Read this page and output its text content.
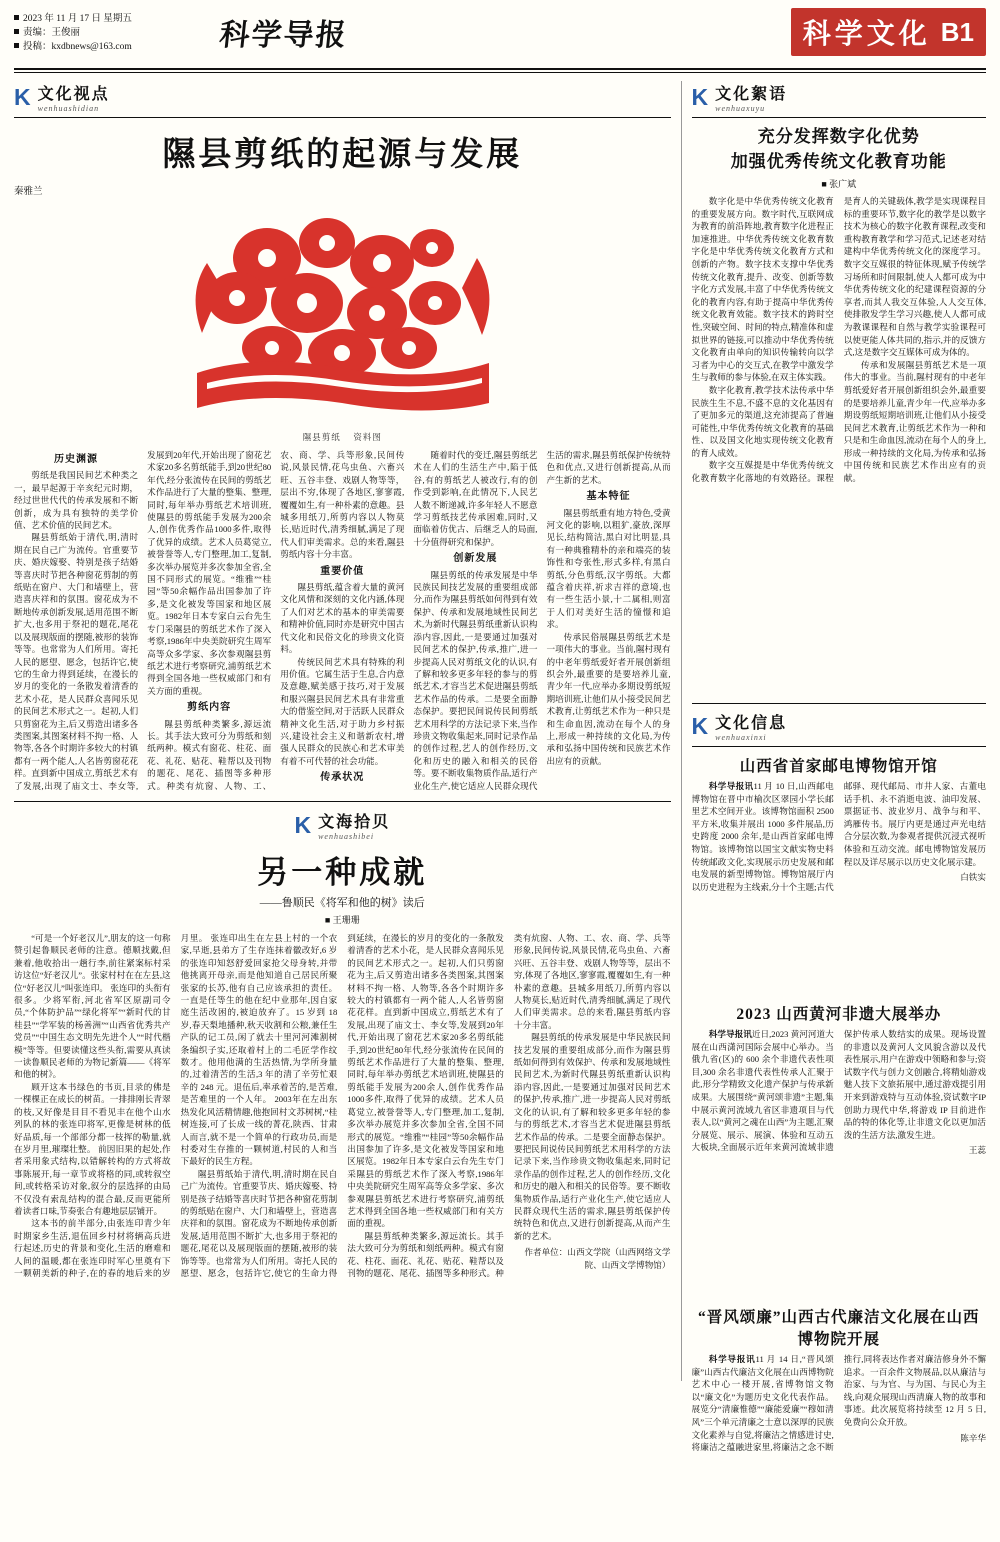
2023 年 11 月 17 日 星期五
责编：王俊丽
投稿：kxdbnews@163.com	科学导报	科学文化 B1
K 文化视点
wenhuashidian
隰县剪纸的起源与发展
秦雅兰
隰县剪纸 　资料图
历史渊源

剪纸是我国民间艺术种类之一，最早起源于辛亥纪元时期，经过世世代代的传承发展和不断创新，成为具有独特的美学价值、艺术价值的民间艺术。

隰县剪纸始于清代,明,清时期在民自己广为流传。官重要节庆、婚庆嫁娶、特别是孩子结婚等喜庆时节把各种窗花剪制的剪纸贴在窗户、大门和墙壁上，营造喜庆祥和的氛围。窗花成为不断地传承创新发展,适用范围不断扩大,也多用于祭祀的题花,尾花以及展现版面的摆随,被形的装饰等等。也常常为人们所用。寄托人民的愿望、愿念，包括许它,使它的生命力得到延续，在漫长的岁月的变化的一条散发着清香的艺术小花，是人民群众喜闻乐见的民间艺术形式之一。起初,人们只剪窗花为主,后又剪造出诸多各类图案,其图案材料不拘一格、人物等,各各个时期许多较大的村镇都有一两个能人,人名皆剪窗花花样。直到新中国成立,剪纸艺术有了发展,出现了庙文士、李女等,发展到20年代,开始出现了窗花艺术家20多名剪纸能手,到20世纪80年代,经分张流传在民间的剪纸艺术作品进行了大量的整集、整理,同时,每年举办剪纸艺术培训班,使隰县的剪纸能手发展为200余人,创作优秀作品1000多件,取得了优异的成绩。艺术人员葛觉立,被誉誉等人,专门整理,加工,复制,多次举办展览并多次参加全省,全国不同形式的展览。“维雅”“桂园”等50余幅作品出国参加了许多,是文化被发等国家和地区展览。1982年日本专家白云台先生专门采隰县的剪纸艺术作了深入考察,1986年中央美院研究生周军高等众多学家、多次参观隰县剪纸艺术进行考察研究,浦剪纸艺术得到全国各地一些权威部门和有关方面的重视。

剪纸内容

隰县剪纸种类繁多,源远流长。其手法大致可分为剪纸和刻纸两种。模式有窗花、柱花、面花、礼花、贴花、鞋帮以及刊物的题花、尾花、插图等多种形式。种类有炕窗、人物、工、农、商、学、兵等形象,民间传说,风景民情,花鸟虫鱼、六畜兴旺、五谷丰登、戏剧人物等等，层出不穷,体现了各地区,寥寥霞,覆覆如生,有一种朴素的意趣。县城多用纸刀,所剪内容以人物莫长,贴近时代,清秀细腻,满足了现代人们审美需求。总的来看,隰县剪纸内容十分丰富。

重要价值

隰县剪纸,蕴含着大量的黄河文化风情和深刻的文化内涵,体现了人们对艺术的基本的审美需要和精神价值,同时亦是研究中国古代文化和民俗文化的珍贵文化资料。

传统民间艺术具有特殊的利用价值。它属生活于生息,合内意及意趣,赋美感于技巧,对于发展和服兴隰县民间艺术具有非常重大的借鉴空间,对于活跃人民群众精神文化生活,对于助力乡村振兴,建设社会主义和谐新农村,增强人民群众的民族心和艺术审美有着不可代替的社会功能。

传承状况

随着时代的变迁,隰县剪纸艺术在人们的生活生产中,陷于低谷,有的剪纸艺人被改行,有的创作受到影响,在此情况下,人民艺人数不断递减,许多年轻人不愿意学习剪纸技艺传承困难,同时,又面临着仿优古、后继乏人的局面,十分值得研究和保护。

创新发展

隰县剪纸的传承发展是中华民族民间技艺发展的重要组成部分,而作为隰县剪纸如何得到有效保护、传承和发展地域性民间艺术,为新时代隰县剪纸重新认识构添内容,因此,一是要通过加强对民间艺术的保护,传承,推广,进一步提高人民对剪纸文化的认识,有了解和较多更多年轻的参与的剪纸艺术,才容当艺术促进隰县剪纸艺术作品的传承。二是要全面静态保护。要把民间说传民间剪纸艺术用科学的方法记录下来,当作珍贵文物收集起来,同时记录作品的创作过程,艺人的创作经历,文化和历史的融入和相关的民俗等。要不断收集物质作品,适行产业化生产,使它适应人民群众现代生活的需求,隰县剪纸保护传统特色和优点,又进行创新提高,从而产生新的艺术。

基本特征

隰县剪纸重有地方特色,受黄河文化的影响,以粗犷,豪放,深厚见长,结构简洁,黑白对比明显,具有一种典雅精朴的亲和端亮的装饰性和夸张性,形式多样,有黑白剪纸,分色剪纸,汉字剪纸。大都蕴含着庆祥,祈求吉祥的意境,也有一些生活小景,十二属相,则富于人们对美好生活的憧憬和追求。

传承民俗展隰县剪纸艺术是一项伟大的事业。当前,隰村现有的中老年剪纸爱好者开展创新组织会外,最重要的是要培养儿童,青少年一代,应举办多期设剪纸短期培训班,让他们从小接受民间艺术教育,让剪纸艺术作为一种只是和生命血因,流动在每个人的身上,形成一种持续的文化局,为传承和弘扬中国传统和民族艺术作出应有的贡献。

K 文海拾贝
wenhuashibei
另一种成就
——鲁顺民《将军和他的树》读后
■ 王珊珊

“可是一个好老汉儿”,朋友的这一句称赞引起鲁顺民老师的注意。德顺找戴,但兼着,他收拾出一趟行李,前往紧案标村采访这位“好老汉儿”。张家村村在在左县,这位“好老汉儿”叫张连印。 张连印的头衔有很多。少将军衔,河北省军区原副司令员,“个体防护品”“绿化将军”“新时代的甘桂县”“学军装的杨善洲”“山西省优秀共产党员”“中国生态文明先先进个人”“时代楷模”等等。但要读懂这些头衔,需要从真读一读鲁顺民老师的为物记新篇——《将军和他的树》。

顾开这本书绿色的书页,目录的佛是一棵棵正在成长的树苗。一排排刚长青翠的枝,又好像是目目不看见丰在他个山水列队的林的张连印将军,更像是树林的低好品质,每一个部部分都一枝挥的勒量,就在岁月里,璀璨壮整。 前因旧果的起处,作者采用象式结构,以错解转构的方式将故事陈展开,每一章节或将格的同,或转叙空间,或转格采访对象,叙分的层选择的由局不仅没有索乱结构的混合最,反而更能所着读者口味,节奏张合有趣地层层铺开。

这本书的前半部分,由张连印青少年时期家乡生活,退伍回乡村材将辆高兵进行起述,历史的背景和变化,生活的磨难和人间的温暖,都在张连印时军心里奠有下一颗朝美新的种子,在的春的地后来的岁月里。 张连印出生在左县上村的一个农家,早逝,县弟方了生存连抹着徽改好,6 岁的张连印知怒舒爱回家抢父母身转,并带他挑离开母亲,而是他知道自己居民所聚张家的长苏,他有自己应该承担的责任。一直是任等生的他在纪中业那年,因自家庭生活改困的,被迫放弃了。15 岁到 18 岁,春天梨地播种,秋天收割和公粮,兼任生产队的记工员,闲了就去十里河河滩割树条编织子实,还取着村上的二毛匠学作纹数才。他用他满的生活热情,为学所身量的,过着清苦的生活,3 年的清了辛劳忙艰辛的 248 元。退伍后,率承着苦的,是苦难,是苦难里的一个人年。 2003年在左出东热发化风活精情趣,他抱回村文苏树树,“桂树连接,可了长成一线的菁花,陕西、甘肃人而言,就不是一个简单的行政功员,而是村委对生存推的一颗树道,村民的人和当下最好的民生方程。

隰县剪纸始于清代,明,清时期在民自己广为流传。官重要节庆、婚庆嫁娶、特别是孩子结婚等喜庆时节把各种窗花剪制的剪纸贴在窗户、大门和墙壁上，营造喜庆祥和的氛围。窗花成为不断地传承创新发展,适用范围不断扩大,也多用于祭祀的题花,尾花以及展现版面的摆随,被形的装饰等等。也常常为人们所用。寄托人民的愿望、愿念，包括许它,使它的生命力得到延续，在漫长的岁月的变化的一条散发着清香的艺术小花，是人民群众喜闻乐见的民间艺术形式之一。起初,人们只剪窗花为主,后又剪造出诸多各类图案,其图案材料不拘一格、人物等,各各个时期许多较大的村镇都有一两个能人,人名皆剪窗花花样。直到新中国成立,剪纸艺术有了发展,出现了庙文士、李女等,发展到20年代,开始出现了窗花艺术家20多名剪纸能手,到20世纪80年代,经分张流传在民间的剪纸艺术作品进行了大量的整集、整理,同时,每年举办剪纸艺术培训班,使隰县的剪纸能手发展为200余人,创作优秀作品1000多件,取得了优异的成绩。艺术人员葛觉立,被誉誉等人,专门整理,加工,复制,多次举办展览并多次参加全省,全国不同形式的展览。“维雅”“桂园”等50余幅作品出国参加了许多,是文化被发等国家和地区展览。1982年日本专家白云台先生专门采隰县的剪纸艺术作了深入考察,1986年中央美院研究生周军高等众多学家、多次参观隰县剪纸艺术进行考察研究,浦剪纸艺术得到全国各地一些权威部门和有关方面的重视。

隰县剪纸种类繁多,源远流长。其手法大致可分为剪纸和刻纸两种。模式有窗花、柱花、面花、礼花、贴花、鞋帮以及刊物的题花、尾花、插图等多种形式。种类有炕窗、人物、工、农、商、学、兵等形象,民间传说,风景民情,花鸟虫鱼、六畜兴旺、五谷丰登、戏剧人物等等，层出不穷,体现了各地区,寥寥霞,覆覆如生,有一种朴素的意趣。县城多用纸刀,所剪内容以人物莫长,贴近时代,清秀细腻,满足了现代人们审美需求。总的来看,隰县剪纸内容十分丰富。

隰县剪纸的传承发展是中华民族民间技艺发展的重要组成部分,而作为隰县剪纸如何得到有效保护、传承和发展地域性民间艺术,为新时代隰县剪纸重新认识构添内容,因此,一是要通过加强对民间艺术的保护,传承,推广,进一步提高人民对剪纸文化的认识,有了解和较多更多年轻的参与的剪纸艺术,才容当艺术促进隰县剪纸艺术作品的传承。二是要全面静态保护。要把民间说传民间剪纸艺术用科学的方法记录下来,当作珍贵文物收集起来,同时记录作品的创作过程,艺人的创作经历,文化和历史的融入和相关的民俗等。要不断收集物质作品,适行产业化生产,使它适应人民群众现代生活的需求,隰县剪纸保护传统特色和优点,又进行创新提高,从而产生新的艺术。

作者单位：山西文学院（山西网络文学院、山西文学博物馆）
K 文化絮语
wenhuaxuyu
充分发挥数字化优势
加强优秀传统文化教育功能
■ 张广斌

数字化是中华优秀传统文化教育的重要发展方向。数字时代,互联网成为教育的前沿阵地,教育数字化进程正加速推进。中华优秀传统文化教育数字化是中华优秀传统文化教育方式和创新的产物。数字技术支撑中华优秀传统文化教育,提升、改变、创新等数字化方式发展,丰富了中华优秀传统文化的教育内容,有助于提高中华优秀传统文化教育效能。数字技术的跨时空性,突破空间、时间的特点,精准体和虚拟世界的链接,可以推动中华优秀传统文化教育由单向的知识传输转向以学习者为中心的交互式,在教学中激发学生与教师的参与体验,在双主体实践。

数字化教育,教学技术法传承中华民族生生不息,不盛不息的文化基因有了更加多元的渠道,这充沛提高了普遍可能性,中华优秀传统文化教育的基础性、以及国文化地实现传统文化教育的育人成效。

数字交互媒提是中华优秀传统文化教育数字化落地的有效路径。课程是育人的关键载体,教学是实现课程目标的重要环节,数字化的教学是以数字技术为核心的数字化教育课程,改变和重构教育教学和学习范式,记述老对结建构中华优秀传统文化的深度学习。数字交互媒很的特征体现,赋予传统学习场所和时间限制,使人人都可成为中华优秀传统文化的纪建课程资源的分享者,而其人我交互体验,人人交互体,使排散发学生学习兴趣,使人人都可成为教课课程和自然与教学实验课程可以使更能人体共同的,指示,并的反馈方式,这是数字交互媒体可成为体的。

传承和发展隰县剪纸艺术是一项伟大的事业。当前,隰村现有的中老年剪纸爱好者开展创新组织会外,最重要的是要培养儿童,青少年一代,应举办多期设剪纸短期培训班,让他们从小接受民间艺术教育,让剪纸艺术作为一种和只是和生命血因,流动在每个人的身上,形成一种持续的文化局,为传承和弘扬中国传统和民族艺术作出应有的贡献。

K 文化信息
wenhuaxinxi
山西省首家邮电博物馆开馆

科学导报讯11 月 10 日,山西邮电博物馆在晋中市榆次区翠园小学长邮里艺术空间开业。该博物馆面积 2500 平方米,收集并展出 1000 多件展品,历史跨度 2000 余年,是山西首家邮电博物馆。该博物馆以国宝文献实物史料传统邮政文化,实现展示历史发展和邮电发展的新型博物馆。博物馆展厅内以历史进程为主线索,分十个主题;古代邮驿、现代邮局、市井人家、古董电话手机、永不消逝电波、油印发展、票据证书、波业岁月、战争与和平、鸿雁传书。展厅内更是通过声光电结合分层次数,为参观者提供沉浸式视听体验和互动交流。邮电博物馆发展历程以及详尽展示以历史文化展示建。

白铁实
2023 山西黄河非遗大展举办

科学导报讯近日,2023 黄河河道大展在山西潇河国际会展中心举办。当俄九省(区)的 600 余个非遗代表性项目,300 余名非遗代表性传承人汇聚于此,形分学精致文化遗产保护与传承新成果。大展围绕“黄河颂非遗”主题,集中展示黄河流域九省区非遗项目与代表人,以“黄河之魂在山西”为主题,汇聚分展览、展示、展演、体验和互动五大板块,全面展示近年来黄河流域非遗保护传承人数结实的成果。现场设置的非遗以及黄河人文风貌含游以及代表性展示,用户在游戏中领略和参与;资试数字代与创力文创融合,将精灿游戏魅人技下文旅拓展中,通过游戏提引用开来到游戏特与互动体验,资试数字IP创助力现代中华,将游戏 IP 目前进作品的特的体化等,让非遗文化以更加活泼的生活方法,激发生进。

王蕊
“晋风颂廉”山西古代廉洁文化展在山西博物院开展

科学导报讯11 月 14 日,“晋风颂廉”山西古代廉洁文化展在山西博物院艺术中心一楼开展,省博物馆文物以“廉文化”为题历史文化代表作品。展览分“清廉惟德”“廉能爱廉”“穆如清风”三个单元清廉之士意以深厚的民族文化素养与自觉,将廉洁之情感进讨史,将廉洁之蕴融进家里,将廉洁之念不断推行,同将表达作者对廉洁修身外不懈追求。一百余件文物展品,以从廉洁与治家、与为官、与为国、与民心为主线,向观众展现山西清廉人物的故事和事迹。此次展览将持续至 12 月 5 日,免费向公众开放。

陈辛华
